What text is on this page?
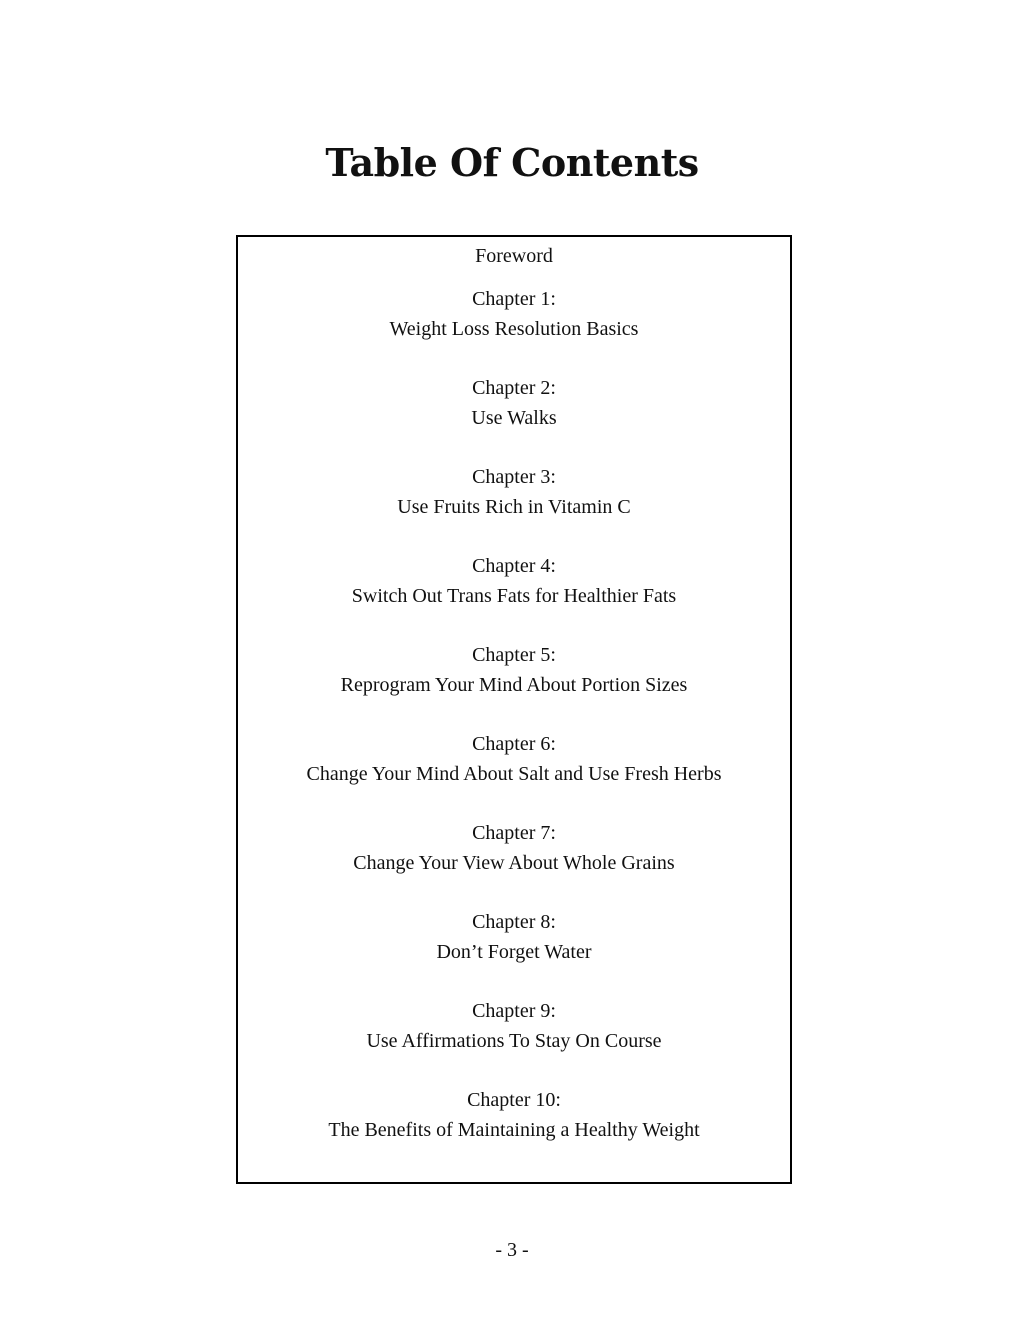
Table Of Contents
Foreword
Chapter 1:
Weight Loss Resolution Basics
Chapter 2:
Use Walks
Chapter 3:
Use Fruits Rich in Vitamin C
Chapter 4:
Switch Out Trans Fats for Healthier Fats
Chapter 5:
Reprogram Your Mind About Portion Sizes
Chapter 6:
Change Your Mind About Salt and Use Fresh Herbs
Chapter 7:
Change Your View About Whole Grains
Chapter 8:
Don’t Forget Water
Chapter 9:
Use Affirmations To Stay On Course
Chapter 10:
The Benefits of Maintaining a Healthy Weight
- 3 -
